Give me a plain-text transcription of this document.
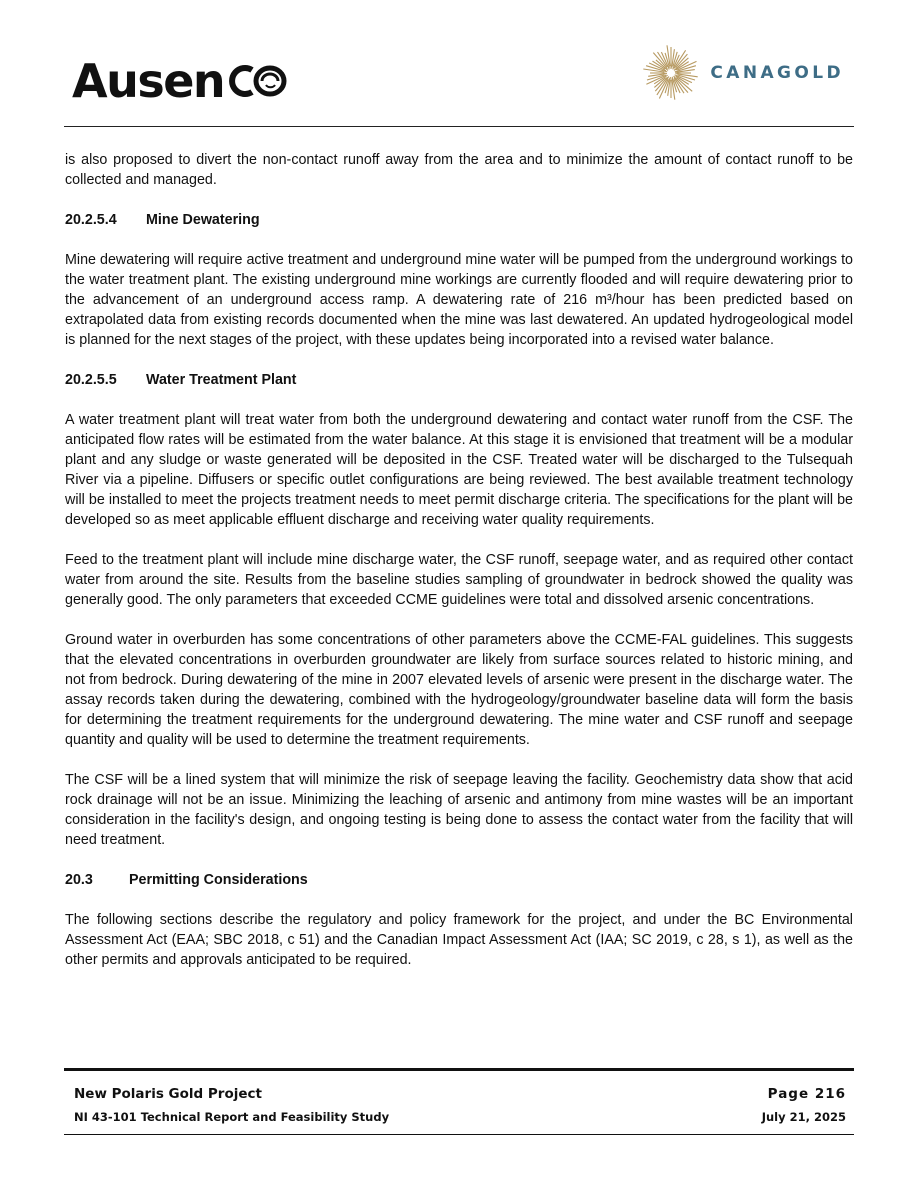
Ausen	CANAGOLD

is also proposed to divert the non-contact runoff away from the area and to minimize the amount of contact runoff to be collected and managed.

20.2.5.4 Mine Dewatering

Mine dewatering will require active treatment and underground mine water will be pumped from the underground workings to the water treatment plant. The existing underground mine workings are currently flooded and will require dewatering prior to the advancement of an underground access ramp. A dewatering rate of 216 m³/hour has been predicted based on extrapolated data from existing records documented when the mine was last dewatered. An updated hydrogeological model is planned for the next stages of the project, with these updates being incorporated into a revised water balance.

20.2.5.5 Water Treatment Plant

A water treatment plant will treat water from both the underground dewatering and contact water runoff from the CSF. The anticipated flow rates will be estimated from the water balance. At this stage it is envisioned that treatment will be a modular plant and any sludge or waste generated will be deposited in the CSF. Treated water will be discharged to the Tulsequah River via a pipeline. Diffusers or specific outlet configurations are being reviewed. The best available treatment technology will be installed to meet the projects treatment needs to meet permit discharge criteria. The specifications for the plant will be developed so as meet applicable effluent discharge and receiving water quality requirements.

Feed to the treatment plant will include mine discharge water, the CSF runoff, seepage water, and as required other contact water from around the site. Results from the baseline studies sampling of groundwater in bedrock showed the quality was generally good. The only parameters that exceeded CCME guidelines were total and dissolved arsenic concentrations.

Ground water in overburden has some concentrations of other parameters above the CCME-FAL guidelines. This suggests that the elevated concentrations in overburden groundwater are likely from surface sources related to historic mining, and not from bedrock. During dewatering of the mine in 2007 elevated levels of arsenic were present in the discharge water. The assay records taken during the dewatering, combined with the hydrogeology/groundwater baseline data will form the basis for determining the treatment requirements for the underground dewatering. The mine water and CSF runoff and seepage quantity and quality will be used to determine the treatment requirements.

The CSF will be a lined system that will minimize the risk of seepage leaving the facility. Geochemistry data show that acid rock drainage will not be an issue. Minimizing the leaching of arsenic and antimony from mine wastes will be an important consideration in the facility's design, and ongoing testing is being done to assess the contact water from the facility that will need treatment.

20.3	Permitting Considerations

The following sections describe the regulatory and policy framework for the project, and under the BC Environmental Assessment Act (EAA; SBC 2018, c 51) and the Canadian Impact Assessment Act (IAA; SC 2019, c 28, s 1), as well as the other permits and approvals anticipated to be required.

New Polaris Gold Project
NI 43-101 Technical Report and Feasibility Study
Page 216
July 21, 2025
